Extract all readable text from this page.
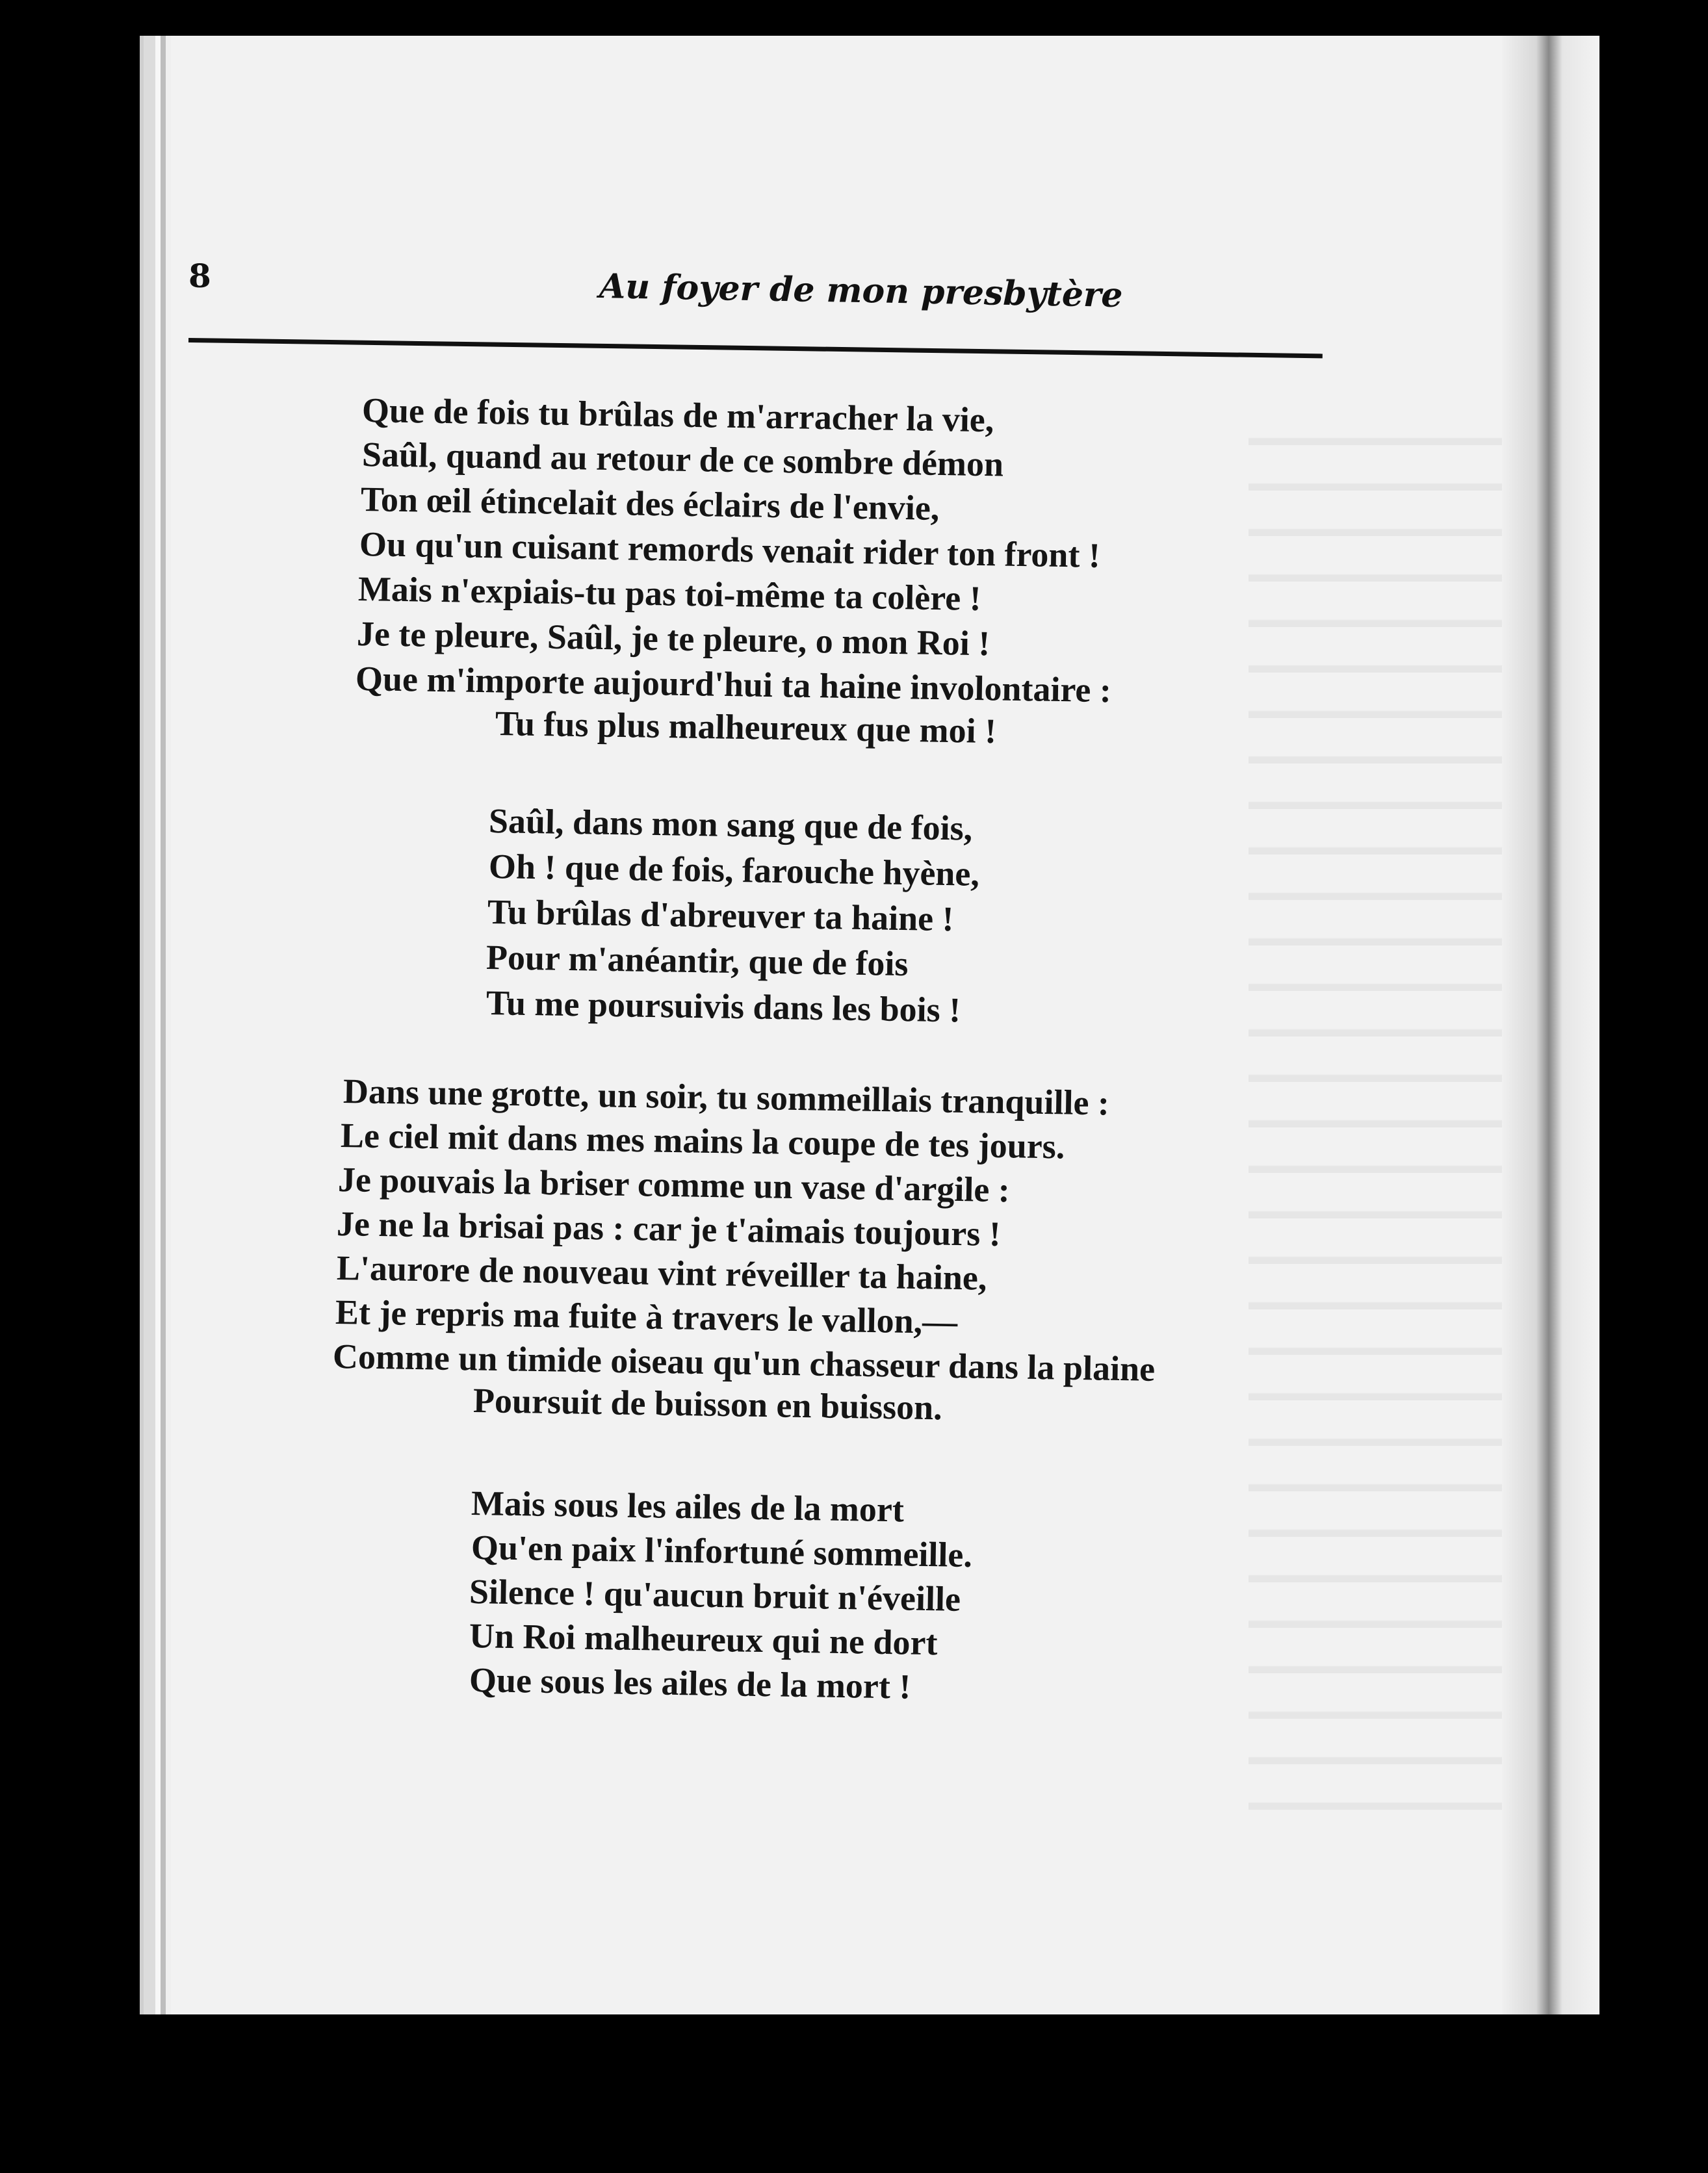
8	Au foyer de mon presbytère
Que de fois tu brûlas de m'arracher la vie,
Saûl, quand au retour de ce sombre démon
Ton œil étincelait des éclairs de l'envie,
Ou qu'un cuisant remords venait rider ton front !
Mais n'expiais-tu pas toi-même ta colère !
Je te pleure, Saûl, je te pleure, o mon Roi !
Que m'importe aujourd'hui ta haine involontaire :
Tu fus plus malheureux que moi !
Saûl, dans mon sang que de fois,
Oh ! que de fois, farouche hyène,
Tu brûlas d'abreuver ta haine !
Pour m'anéantir, que de fois
Tu me poursuivis dans les bois !
Dans une grotte, un soir, tu sommeillais tranquille :
Le ciel mit dans mes mains la coupe de tes jours.
Je pouvais la briser comme un vase d'argile :
Je ne la brisai pas : car je t'aimais toujours !
L'aurore de nouveau vint réveiller ta haine,
Et je repris ma fuite à travers le vallon,—
Comme un timide oiseau qu'un chasseur dans la plaine
Poursuit de buisson en buisson.
Mais sous les ailes de la mort
Qu'en paix l'infortuné sommeille.
Silence ! qu'aucun bruit n'éveille
Un Roi malheureux qui ne dort
Que sous les ailes de la mort !
